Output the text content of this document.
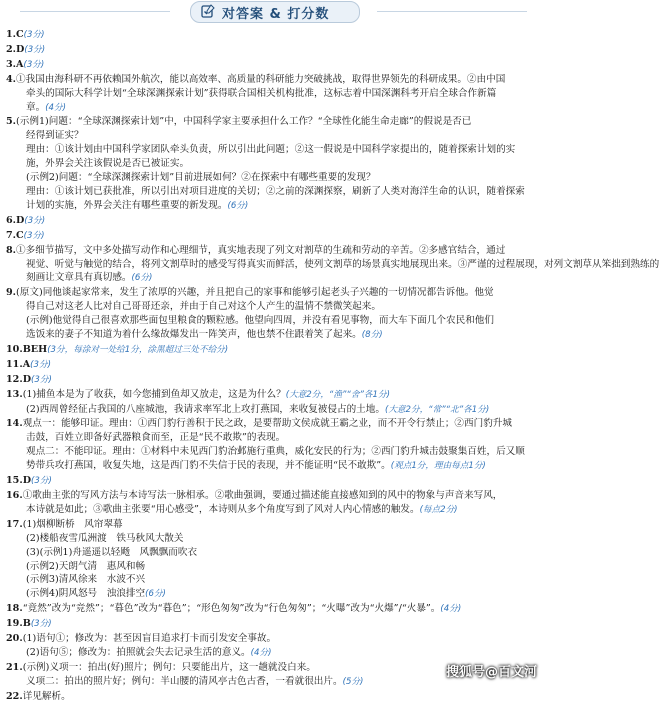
对答案 & 打分数
1.C(3分)
2.D(3分)
3.A(3分)
4.①我国由海科研不再依赖国外航次，能以高效率、高质量的科研能力突破挑战，取得世界领先的科研成果。②由中国
牵头的国际大科学计划“全球深渊探索计划”获得联合国相关机构批准，这标志着中国深渊科考开启全球合作新篇
章。(4分)
5.(示例1)问题：“全球深渊探索计划”中，中国科学家主要承担什么工作？“全球性化能生命走廊”的假说是否已
经得到证实？
理由：①该计划由中国科学家团队牵头负责，所以引出此问题；②这一假说是中国科学家提出的，随着探索计划的实
施，外界会关注该假说是否已被证实。
(示例2)问题：“全球深渊探索计划”目前进展如何？②在探索中有哪些重要的发现？
理由：①该计划已获批准，所以引出对项目进度的关切；②之前的深渊探察，刷新了人类对海洋生命的认识，随着探索
计划的实施，外界会关注有哪些重要的新发现。(6分)
6.D(3分)
7.C(3分)
8.①多细节描写，文中多处描写动作和心理细节，真实地表现了列文对割草的生疏和劳动的辛苦。②多感官结合，通过
视觉、听觉与触觉的结合，将列文割草时的感受写得真实而鲜活，使列文割草的场景真实地展现出来。③严谨的过程展现，对列文割草从笨拙到熟练的
刻画让文章具有真切感。(6分)
9.(原文)同他谈起家常来，发生了浓厚的兴趣，并且把自己的家事和能够引起老头子兴趣的一切情况都告诉他。他觉
得自己对这老人比对自己哥哥还亲，并由于自己对这个人产生的温情不禁微笑起来。
(示例)他觉得自己很喜欢那些面包里粮食的颗粒感。他望向四周，并没有看见事物，而大车下面几个农民和他们
选饭来的妻子不知道为着什么缘故爆发出一阵笑声，他也禁不住跟着笑了起来。(8分)
10.BEH(3分，每涂对一处给1分，涂黑超过三处不给分)
11.A(3分)
12.D(3分)
13.(1)捕鱼本是为了收获，如今您捕到鱼却又放走，这是为什么？(大意2分，“渔”“舍”各1分)
(2)西周曾经征占我国的八座城池，我请求率军北上攻打燕国，来收复被侵占的土地。(大意2分，“常”“北”各1分)
14.观点一：能够印证。理由：①西门豹行善积于民之政，是要帮助文侯成就王霸之业，而不开令行禁止；②西门豹升城
击鼓，百姓立即备好武器粮食而至，正是“民不敢欺”的表现。
观点二：不能印证。理由：①材料中未见西门豹治邺施行重典，威化安民的行为；②西门豹升城击鼓聚集百姓，后又顺
势带兵攻打燕国，收复失地，这是西门豹不失信于民的表现，并不能证明“民不敢欺”。(观点1分，理由每点1分)
15.D(3分)
16.①歌曲主张的写风方法与本诗写法一脉相承。②歌曲强调，要通过描述能直接感知到的风中的物象与声音来写风，
本诗就是如此；③歌曲主张要“用心感受”，本诗则从多个角度写到了风对人内心情感的触发。(每点2分)
17.(1)烟柳断桥　风帘翠幕
(2)楼船夜雪瓜洲渡　铁马秋风大散关
(3)(示例1)舟遥遥以轻飏　风飘飘而吹衣
(示例2)天朗气清　惠风和畅
(示例3)清风徐来　水波不兴
(示例4)阴风怒号　浊浪排空(6分)
18.“竟然”改为“竞然”；“暮色”改为“暮色”；“形色匆匆”改为“行色匆匆”；“火曝”改为“火爆”/“火暴”。(4分)
19.B(3分)
20.(1)语句①；修改为：甚至因盲目追求打卡而引发安全事故。
(2)语句⑤；修改为：拍照就会失去记录生活的意义。(4分)
21.(示例)义项一：拍出(好)照片；例句：只要能出片，这一趟就没白来。
义项二：拍出的照片好；例句：半山腰的清风亭古色古香，一看就很出片。(5分)
22.详见解析。
搜狐号@百文河
